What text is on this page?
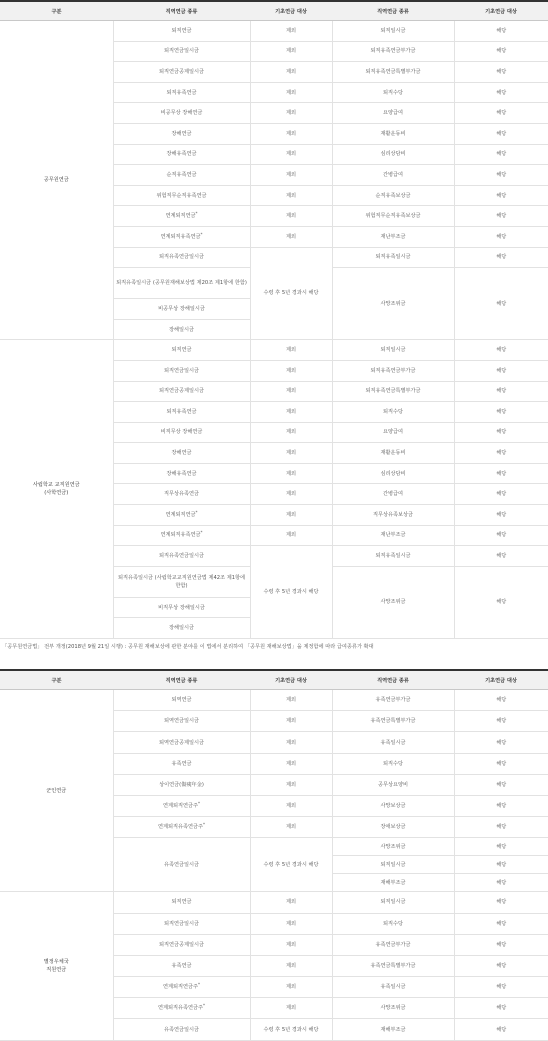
구분	직역연금 종류	기초연금 대상	직역연금 종류	기초연금 대상
공무원연금	퇴직연금	제외	퇴직일시금	해당
	퇴직연금일시금	제외	퇴직유족연금부가금	해당
	퇴직연금공제일시금	제외	퇴직유족연금특별부가금	해당
	퇴직유족연금	제외	퇴직수당	해당
	비공무상 장해연금	제외	요양급여	해당
	장해연금	제외	재활운동비	해당
	장해유족연금	제외	심리상담비	해당
	순직유족연금	제외	간병급여	해당
	위험직무순직유족연금	제외	순직유족보상금	해당
	연계퇴직연금*	제외	위험직무순직유족보상금	해당
	연계퇴직유족연금*	제외	재난부조금	해당
	퇴직유족연금일시금	수령 후 5년 경과시 해당	퇴직유족일시금	해당
	퇴직유족일시금 (공무원재해보상법 제20조 제1항에 한함)		사망조위금	해당
	비공무상 장해일시금			
	장해일시금			
사립학교 교직원연금
(사학연금)	퇴직연금	제외	퇴직일시금	해당
	퇴직연금일시금	제외	퇴직유족연금부가금	해당
	퇴직연금공제일시금	제외	퇴직유족연금특별부가금	해당
	퇴직유족연금	제외	퇴직수당	해당
	비직무상 장해연금	제외	요양급여	해당
	장해연금	제외	재활운동비	해당
	장해유족연금	제외	심리상담비	해당
	직무상유족연금	제외	간병급여	해당
	연계퇴직연금*	제외	직무상유족보상금	해당
	연계퇴직유족연금*	제외	재난부조금	해당
	퇴직유족연금일시금	수령 후 5년 경과시 해당	퇴직유족일시금	해당
	퇴직유족일시금 (사립학교교직원연금법 제42조 제1항에 한함)		사망조위금	해당
	비직무상 장해일시금			
	장해일시금			
「공무원연금법」 전부 개정(2018년 9월 21일 시행) : 공무원 재해보상에 관한 분야를 이 법에서 분리하여 「공무원 재해보상법」을 제정함에 따라 급여종류가 확대
구분	직역연금 종류	기초연금 대상	직역연금 종류	기초연금 대상
군인연금	퇴역연금	제외	유족연금부가금	해당
	퇴역연금일시금	제외	유족연금특별부가금	해당
	퇴역연금공제일시금	제외	유족일시금	해당
	유족연금	제외	퇴직수당	해당
	상이연금(傷痍年金)	제외	공무상요양비	해당
	연계퇴직연금주*	제외	사망보상금	해당
	연계퇴직유족연금주*	제외	장애보상금	해당
	유족연금일시금	수령 후 5년 경과시 해당	사망조위금	해당
			퇴직일시금	해당
			재해부조금	해당
별정우체국
직원연금	퇴직연금	제외	퇴직일시금	해당
	퇴직연금일시금	제외	퇴직수당	해당
	퇴직연금공제일시금	제외	유족연금부가금	해당
	유족연금	제외	유족연금특별부가금	해당
	연계퇴직연금주*	제외	유족일시금	해당
	연계퇴직유족연금주*	제외	사망조위금	해당
	유족연금일시금	수령 후 5년 경과시 해당	재해부조금	해당
